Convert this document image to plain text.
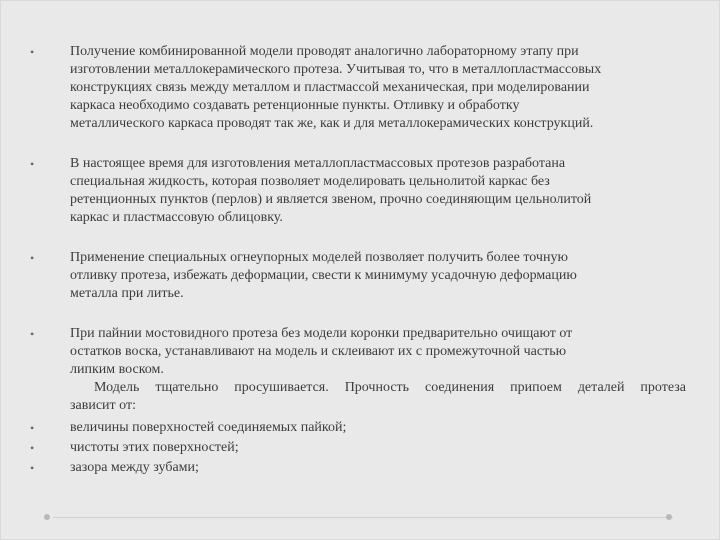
•	Получение комбинированной модели проводят аналогично лабораторному этапу при
изготовлении металлокерамического протеза. Учитывая то, что в металлопластмассовых
конструкциях связь между металлом и пластмассой механическая, при моделировании
каркаса необходимо создавать ретенционные пункты. Отливку и обработку
металлического каркаса проводят так же, как и для металлокерамических конструкций.
•	В настоящее время для изготовления металлопластмассовых протезов разработана
специальная жидкость, которая позволяет моделировать цельнолитой каркас без
ретенционных пунктов (перлов) и является звеном, прочно соединяющим цельнолитой
каркас и пластмассовую облицовку.
•	Применение специальных огнеупорных моделей позволяет получить более точную
отливку протеза, избежать деформации, свести к минимуму усадочную деформацию
металла при литье.
•	При пайнии мостовидного протеза без модели коронки предварительно очищают от
остатков воска, устанавливают на модель и склеивают их с промежуточной частью
липким воском.
Модель тщательно просушивается. Прочность соединения припоем деталей протеза
зависит от:
•	величины поверхностей соединяемых пайкой;
•	чистоты этих поверхностей;
•	зазора между зубами;
